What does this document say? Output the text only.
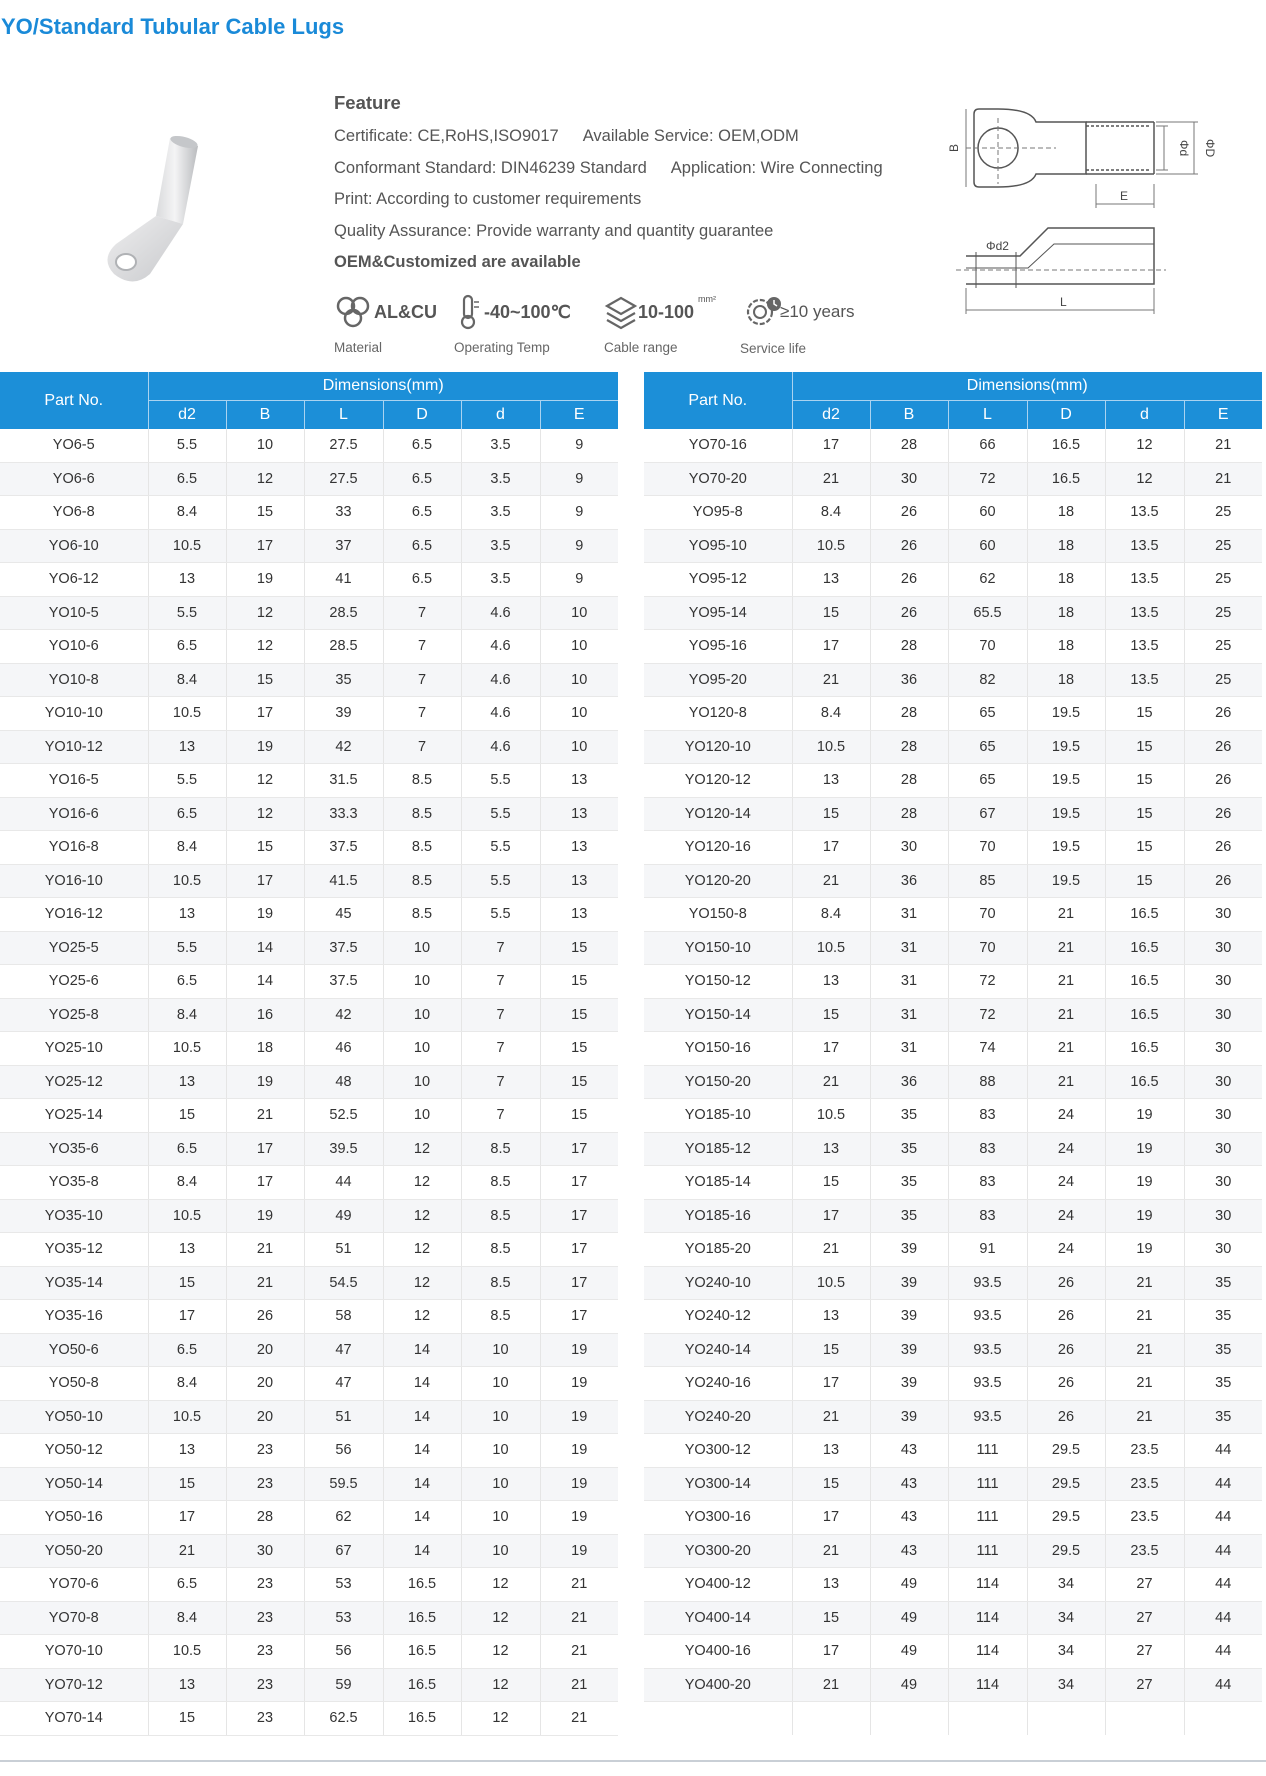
YO/Standard Tubular Cable Lugs
Feature
Certificate: CE,RoHS,ISO9017 Available Service: OEM,ODM
Conformant Standard: DIN46239 Standard Application: Wire Connecting
Print: According to customer requirements
Quality Assurance: Provide warranty and quantity guarantee
OEM&Customized are available
AL&CU
Material
-40~100℃
Operating Temp
10-100
mm²
Cable range
≥10 years
Service life
B	Φd ΦD
E
Φd2
L
Part No.	Dimensions(mm)					
	d2	B	L	D	d	E
YO6-5	5.5	10	27.5	6.5	3.5	9
YO6-6	6.5	12	27.5	6.5	3.5	9
YO6-8	8.4	15	33	6.5	3.5	9
YO6-10	10.5	17	37	6.5	3.5	9
YO6-12	13	19	41	6.5	3.5	9
YO10-5	5.5	12	28.5	7	4.6	10
YO10-6	6.5	12	28.5	7	4.6	10
YO10-8	8.4	15	35	7	4.6	10
YO10-10	10.5	17	39	7	4.6	10
YO10-12	13	19	42	7	4.6	10
YO16-5	5.5	12	31.5	8.5	5.5	13
YO16-6	6.5	12	33.3	8.5	5.5	13
YO16-8	8.4	15	37.5	8.5	5.5	13
YO16-10	10.5	17	41.5	8.5	5.5	13
YO16-12	13	19	45	8.5	5.5	13
YO25-5	5.5	14	37.5	10	7	15
YO25-6	6.5	14	37.5	10	7	15
YO25-8	8.4	16	42	10	7	15
YO25-10	10.5	18	46	10	7	15
YO25-12	13	19	48	10	7	15
YO25-14	15	21	52.5	10	7	15
YO35-6	6.5	17	39.5	12	8.5	17
YO35-8	8.4	17	44	12	8.5	17
YO35-10	10.5	19	49	12	8.5	17
YO35-12	13	21	51	12	8.5	17
YO35-14	15	21	54.5	12	8.5	17
YO35-16	17	26	58	12	8.5	17
YO50-6	6.5	20	47	14	10	19
YO50-8	8.4	20	47	14	10	19
YO50-10	10.5	20	51	14	10	19
YO50-12	13	23	56	14	10	19
YO50-14	15	23	59.5	14	10	19
YO50-16	17	28	62	14	10	19
YO50-20	21	30	67	14	10	19
YO70-6	6.5	23	53	16.5	12	21
YO70-8	8.4	23	53	16.5	12	21
YO70-10	10.5	23	56	16.5	12	21
YO70-12	13	23	59	16.5	12	21
YO70-14	15	23	62.5	16.5	12	21
Part No.	Dimensions(mm)					
	d2	B	L	D	d	E
YO70-16	17	28	66	16.5	12	21
YO70-20	21	30	72	16.5	12	21
YO95-8	8.4	26	60	18	13.5	25
YO95-10	10.5	26	60	18	13.5	25
YO95-12	13	26	62	18	13.5	25
YO95-14	15	26	65.5	18	13.5	25
YO95-16	17	28	70	18	13.5	25
YO95-20	21	36	82	18	13.5	25
YO120-8	8.4	28	65	19.5	15	26
YO120-10	10.5	28	65	19.5	15	26
YO120-12	13	28	65	19.5	15	26
YO120-14	15	28	67	19.5	15	26
YO120-16	17	30	70	19.5	15	26
YO120-20	21	36	85	19.5	15	26
YO150-8	8.4	31	70	21	16.5	30
YO150-10	10.5	31	70	21	16.5	30
YO150-12	13	31	72	21	16.5	30
YO150-14	15	31	72	21	16.5	30
YO150-16	17	31	74	21	16.5	30
YO150-20	21	36	88	21	16.5	30
YO185-10	10.5	35	83	24	19	30
YO185-12	13	35	83	24	19	30
YO185-14	15	35	83	24	19	30
YO185-16	17	35	83	24	19	30
YO185-20	21	39	91	24	19	30
YO240-10	10.5	39	93.5	26	21	35
YO240-12	13	39	93.5	26	21	35
YO240-14	15	39	93.5	26	21	35
YO240-16	17	39	93.5	26	21	35
YO240-20	21	39	93.5	26	21	35
YO300-12	13	43	111	29.5	23.5	44
YO300-14	15	43	111	29.5	23.5	44
YO300-16	17	43	111	29.5	23.5	44
YO300-20	21	43	111	29.5	23.5	44
YO400-12	13	49	114	34	27	44
YO400-14	15	49	114	34	27	44
YO400-16	17	49	114	34	27	44
YO400-20	21	49	114	34	27	44
